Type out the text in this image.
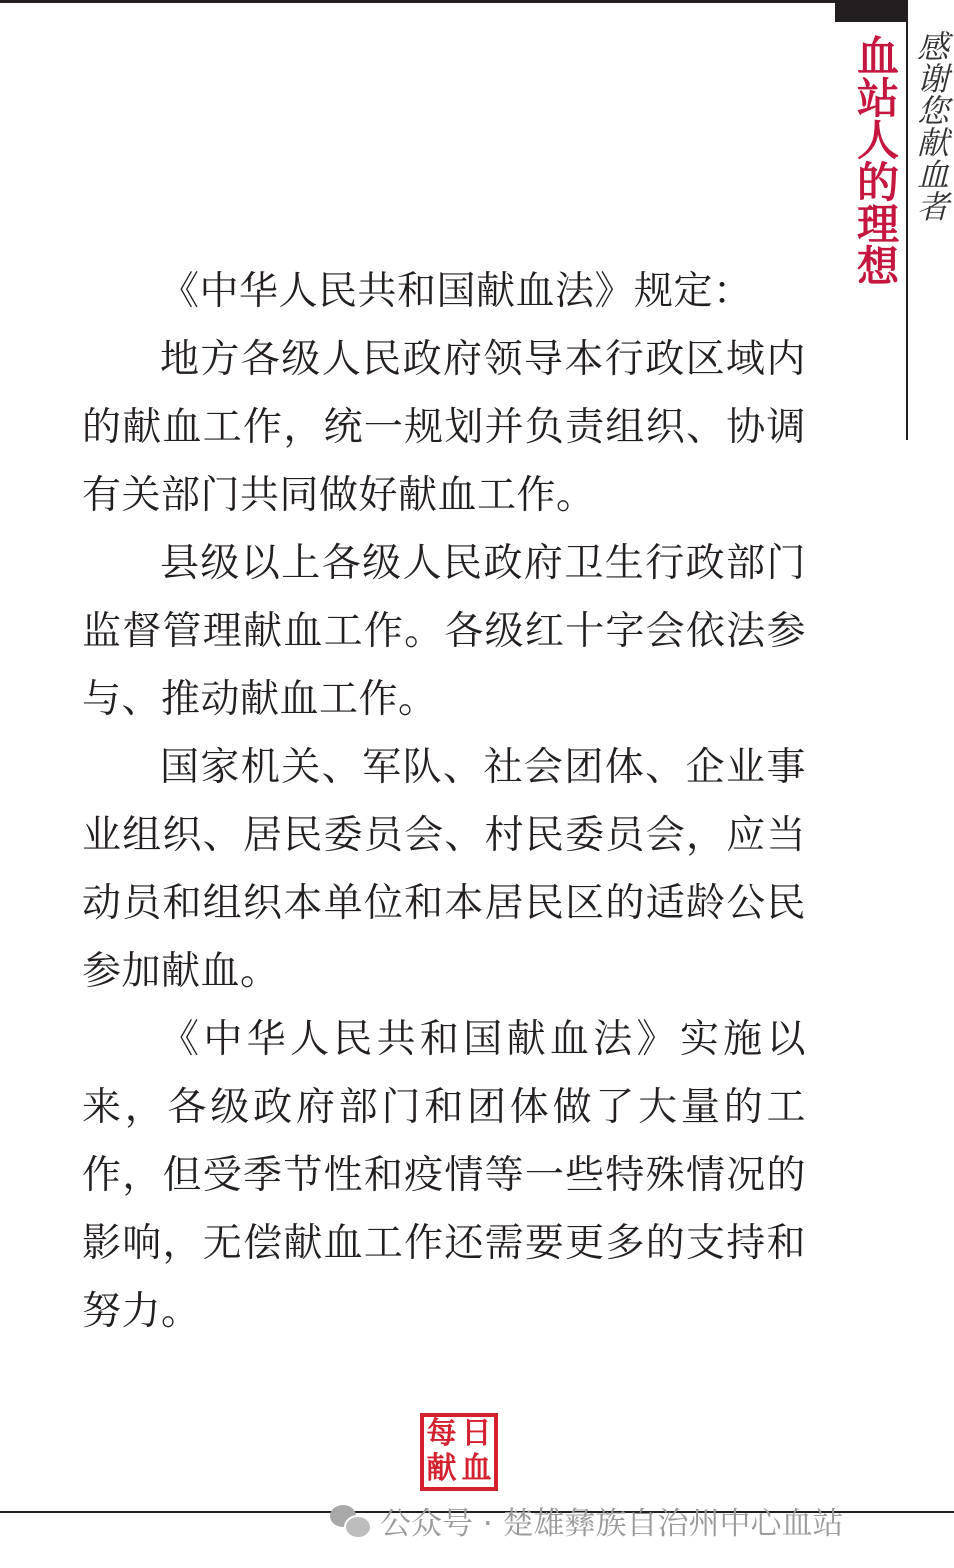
血站人的理想 感谢您献血者

《中华人民共和国献血法》规定：

地方各级人民政府领导本行政区域内的献血工作，统一规划并负责组织、协调有关部门共同做好献血工作。

县级以上各级人民政府卫生行政部门监督管理献血工作。各级红十字会依法参与、推动献血工作。

国家机关、军队、社会团体、企业事业组织、居民委员会、村民委员会，应当动员和组织本单位和本居民区的适龄公民参加献血。

《中华人民共和国献血法》实施以来，各级政府部门和团体做了大量的工作，但受季节性和疫情等一些特殊情况的影响，无偿献血工作还需要更多的支持和努力。

每 日
献 血
公众号 · 楚雄彝族自治州中心血站
